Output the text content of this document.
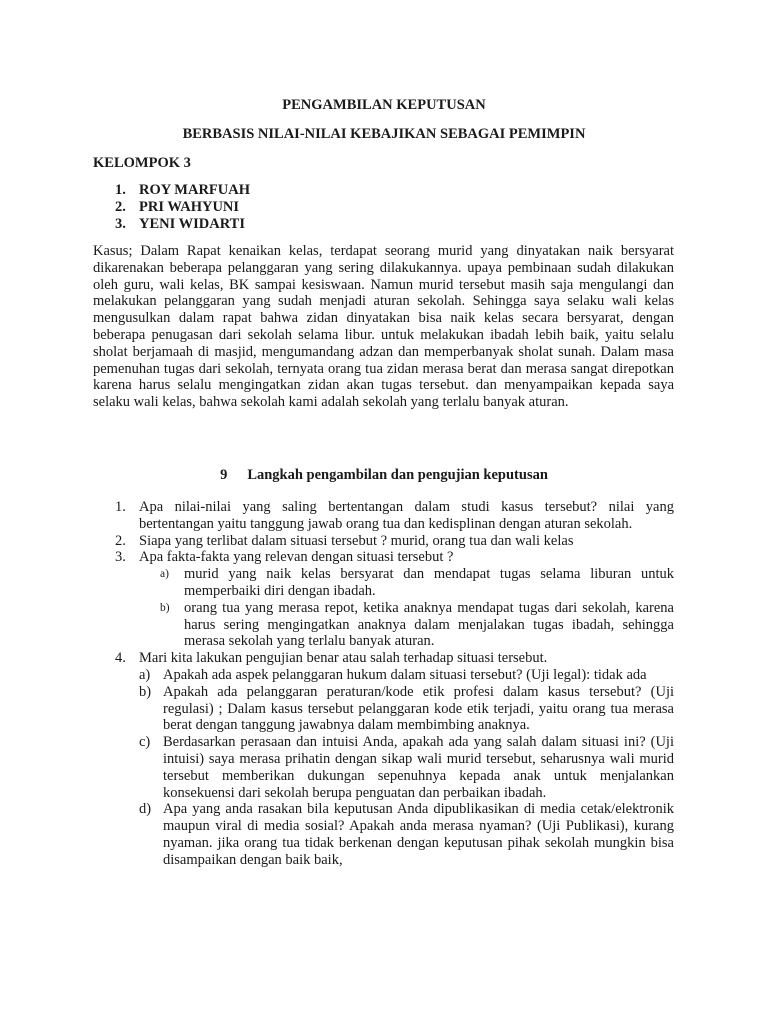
PENGAMBILAN KEPUTUSAN
BERBASIS NILAI-NILAI KEBAJIKAN SEBAGAI PEMIMPIN
KELOMPOK 3
1. ROY MARFUAH
2. PRI WAHYUNI
3. YENI WIDARTI

Kasus; Dalam Rapat kenaikan kelas, terdapat seorang murid yang dinyatakan naik bersyarat dikarenakan beberapa pelanggaran yang sering dilakukannya. upaya pembinaan sudah dilakukan oleh guru, wali kelas, BK sampai kesiswaan. Namun murid tersebut masih saja mengulangi dan melakukan pelanggaran yang sudah menjadi aturan sekolah. Sehingga saya selaku wali kelas mengusulkan dalam rapat bahwa zidan dinyatakan bisa naik kelas secara bersyarat, dengan beberapa penugasan dari sekolah selama libur. untuk melakukan ibadah lebih baik, yaitu selalu sholat berjamaah di masjid, mengumandang adzan dan memperbanyak sholat sunah. Dalam masa pemenuhan tugas dari sekolah, ternyata orang tua zidan merasa berat dan merasa sangat direpotkan karena harus selalu mengingatkan zidan akan tugas tersebut. dan menyampaikan kepada saya selaku wali kelas, bahwa sekolah kami adalah sekolah yang terlalu banyak aturan.

9 Langkah pengambilan dan pengujian keputusan
1. Apa nilai-nilai yang saling bertentangan dalam studi kasus tersebut? nilai yang bertentangan yaitu tanggung jawab orang tua dan kedisplinan dengan aturan sekolah.
2. Siapa yang terlibat dalam situasi tersebut ? murid, orang tua dan wali kelas
3. Apa fakta-fakta yang relevan dengan situasi tersebut ?
a)	murid yang naik kelas bersyarat dan mendapat tugas selama liburan untuk memperbaiki diri dengan ibadah.
b) orang tua yang merasa repot, ketika anaknya mendapat tugas dari sekolah, karena harus sering mengingatkan anaknya dalam menjalakan tugas ibadah, sehingga merasa sekolah yang terlalu banyak aturan.
4. Mari kita lakukan pengujian benar atau salah terhadap situasi tersebut.
a) Apakah ada aspek pelanggaran hukum dalam situasi tersebut? (Uji legal): tidak ada
b) Apakah ada pelanggaran peraturan/kode etik profesi dalam kasus tersebut? (Uji regulasi) ; Dalam kasus tersebut pelanggaran kode etik terjadi, yaitu orang tua merasa berat dengan tanggung jawabnya dalam membimbing anaknya.
c) Berdasarkan perasaan dan intuisi Anda, apakah ada yang salah dalam situasi ini? (Uji intuisi) saya merasa prihatin dengan sikap wali murid tersebut, seharusnya wali murid tersebut memberikan dukungan sepenuhnya kepada anak untuk menjalankan konsekuensi dari sekolah berupa penguatan dan perbaikan ibadah.
d) Apa yang anda rasakan bila keputusan Anda dipublikasikan di media cetak/elektronik maupun viral di media sosial? Apakah anda merasa nyaman? (Uji Publikasi), kurang nyaman. jika orang tua tidak berkenan dengan keputusan pihak sekolah mungkin bisa disampaikan dengan baik baik,
